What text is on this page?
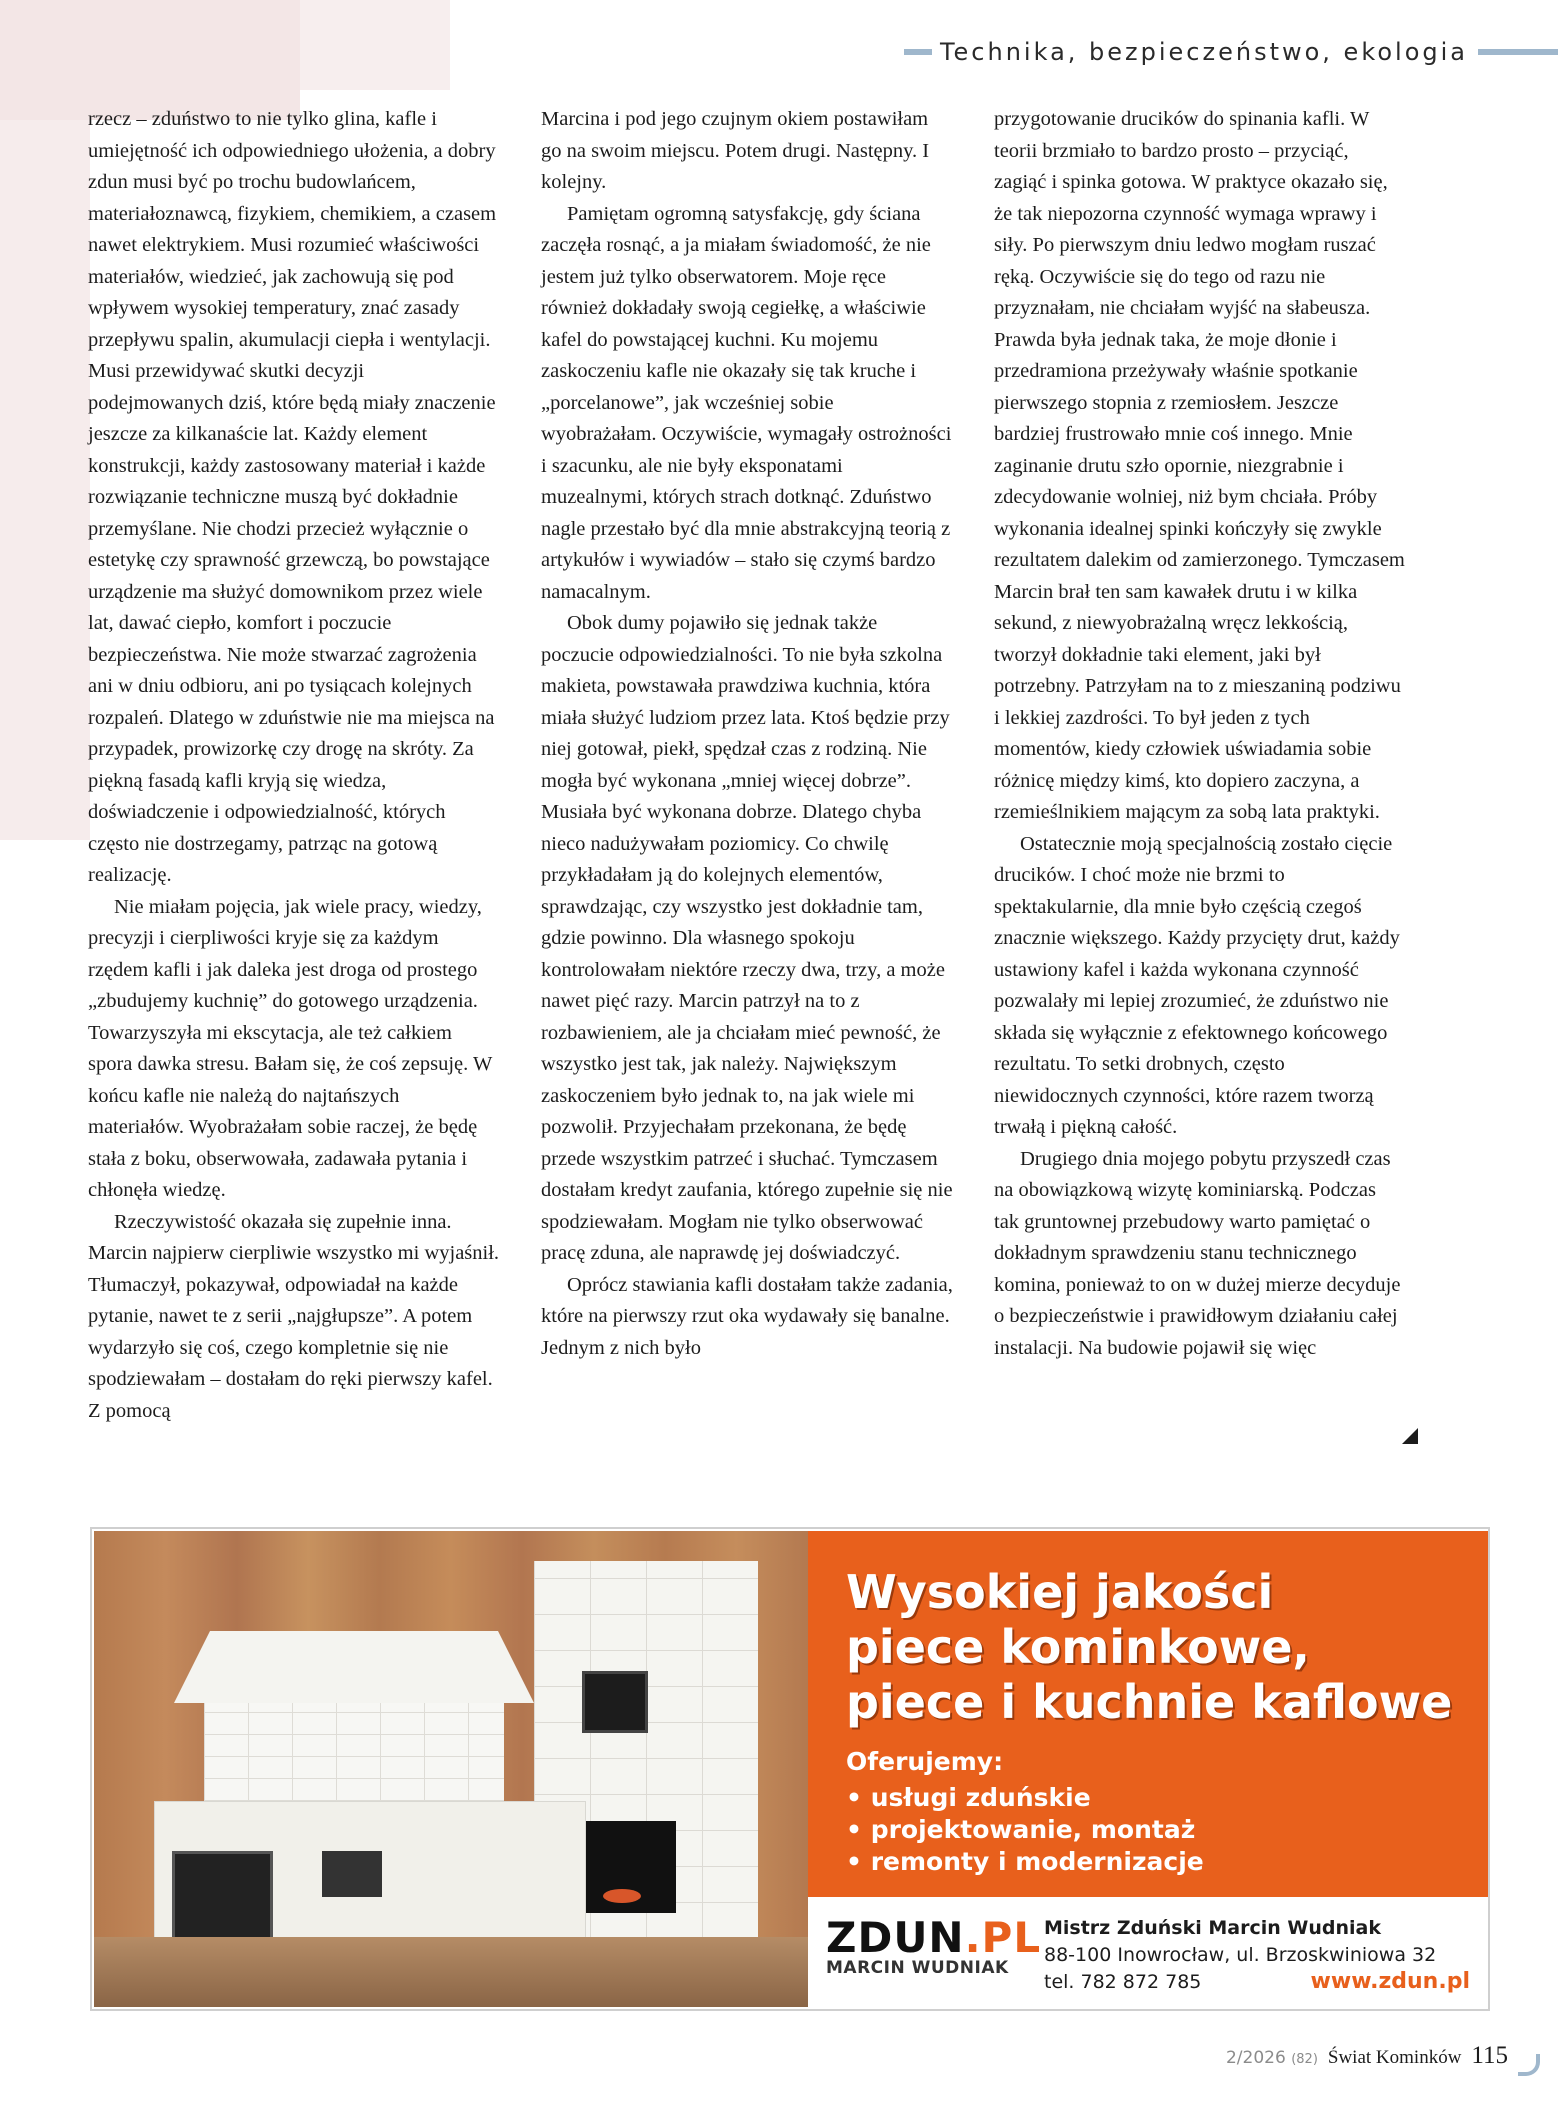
Technika, bezpieczeństwo, ekologia

rzecz – zduństwo to nie tylko glina, kafle i umiejętność ich odpowiedniego ułożenia, a dobry zdun musi być po trochu budowlańcem, materiałoznawcą, fizykiem, chemikiem, a czasem nawet elektrykiem. Musi rozumieć właściwości materiałów, wiedzieć, jak zachowują się pod wpływem wysokiej temperatury, znać zasady przepływu spalin, akumulacji ciepła i wentylacji. Musi przewidywać skutki decyzji podejmowanych dziś, które będą miały znaczenie jeszcze za kilkanaście lat. Każdy element konstrukcji, każdy zastosowany materiał i każde rozwiązanie techniczne muszą być dokładnie przemyślane. Nie chodzi przecież wyłącznie o estetykę czy sprawność grzewczą, bo powstające urządzenie ma służyć domownikom przez wiele lat, dawać ciepło, komfort i poczucie bezpieczeństwa. Nie może stwarzać zagrożenia ani w dniu odbioru, ani po tysiącach kolejnych rozpaleń. Dlatego w zduństwie nie ma miejsca na przypadek, prowizorkę czy drogę na skróty. Za piękną fasadą kafli kryją się wiedza, doświadczenie i odpowiedzialność, których często nie dostrzegamy, patrząc na gotową realizację.

Nie miałam pojęcia, jak wiele pracy, wiedzy, precyzji i cierpliwości kryje się za każdym rzędem kafli i jak daleka jest droga od prostego „zbudujemy kuchnię” do gotowego urządzenia. Towarzyszyła mi ekscytacja, ale też całkiem spora dawka stresu. Bałam się, że coś zepsuję. W końcu kafle nie należą do najtańszych materiałów. Wyobrażałam sobie raczej, że będę stała z boku, obserwowała, zadawała pytania i chłonęła wiedzę.

Rzeczywistość okazała się zupełnie inna. Marcin najpierw cierpliwie wszystko mi wyjaśnił. Tłumaczył, pokazywał, odpowiadał na każde pytanie, nawet te z serii „najgłupsze”. A potem wydarzyło się coś, czego kompletnie się nie spodziewałam – dostałam do ręki pierwszy kafel. Z pomocą

Marcina i pod jego czujnym okiem postawiłam go na swoim miejscu. Potem drugi. Następny. I kolejny.

Pamiętam ogromną satysfakcję, gdy ściana zaczęła rosnąć, a ja miałam świadomość, że nie jestem już tylko obserwatorem. Moje ręce również dokładały swoją cegiełkę, a właściwie kafel do powstającej kuchni. Ku mojemu zaskoczeniu kafle nie okazały się tak kruche i „porcelanowe”, jak wcześniej sobie wyobrażałam. Oczywiście, wymagały ostrożności i szacunku, ale nie były eksponatami muzealnymi, których strach dotknąć. Zduństwo nagle przestało być dla mnie abstrakcyjną teorią z artykułów i wywiadów – stało się czymś bardzo namacalnym.

Obok dumy pojawiło się jednak także poczucie odpowiedzialności. To nie była szkolna makieta, powstawała prawdziwa kuchnia, która miała służyć ludziom przez lata. Ktoś będzie przy niej gotował, piekł, spędzał czas z rodziną. Nie mogła być wykonana „mniej więcej dobrze”. Musiała być wykonana dobrze. Dlatego chyba nieco nadużywałam poziomicy. Co chwilę przykładałam ją do kolejnych elementów, sprawdzając, czy wszystko jest dokładnie tam, gdzie powinno. Dla własnego spokoju kontrolowałam niektóre rzeczy dwa, trzy, a może nawet pięć razy. Marcin patrzył na to z rozbawieniem, ale ja chciałam mieć pewność, że wszystko jest tak, jak należy. Największym zaskoczeniem było jednak to, na jak wiele mi pozwolił. Przyjechałam przekonana, że będę przede wszystkim patrzeć i słuchać. Tymczasem dostałam kredyt zaufania, którego zupełnie się nie spodziewałam. Mogłam nie tylko obserwować pracę zduna, ale naprawdę jej doświadczyć.

Oprócz stawiania kafli dostałam także zadania, które na pierwszy rzut oka wydawały się banalne. Jednym z nich było

przygotowanie drucików do spinania kafli. W teorii brzmiało to bardzo prosto – przyciąć, zagiąć i spinka gotowa. W praktyce okazało się, że tak niepozorna czynność wymaga wprawy i siły. Po pierwszym dniu ledwo mogłam ruszać ręką. Oczywiście się do tego od razu nie przyznałam, nie chciałam wyjść na słabeusza. Prawda była jednak taka, że moje dłonie i przedramiona przeżywały właśnie spotkanie pierwszego stopnia z rzemiosłem. Jeszcze bardziej frustrowało mnie coś innego. Mnie zaginanie drutu szło opornie, niezgrabnie i zdecydowanie wolniej, niż bym chciała. Próby wykonania idealnej spinki kończyły się zwykle rezultatem dalekim od zamierzonego. Tymczasem Marcin brał ten sam kawałek drutu i w kilka sekund, z niewyobrażalną wręcz lekkością, tworzył dokładnie taki element, jaki był potrzebny. Patrzyłam na to z mieszaniną podziwu i lekkiej zazdrości. To był jeden z tych momentów, kiedy człowiek uświadamia sobie różnicę między kimś, kto dopiero zaczyna, a rzemieślnikiem mającym za sobą lata praktyki.

Ostatecznie moją specjalnością zostało cięcie drucików. I choć może nie brzmi to spektakularnie, dla mnie było częścią czegoś znacznie większego. Każdy przycięty drut, każdy ustawiony kafel i każda wykonana czynność pozwalały mi lepiej zrozumieć, że zduństwo nie składa się wyłącznie z efektownego końcowego rezultatu. To setki drobnych, często niewidocznych czynności, które razem tworzą trwałą i piękną całość.

Drugiego dnia mojego pobytu przyszedł czas na obowiązkową wizytę kominiarską. Podczas tak gruntownej przebudowy warto pamiętać o dokładnym sprawdzeniu stanu technicznego komina, ponieważ to on w dużej mierze decyduje o bezpieczeństwie i prawidłowym działaniu całej instalacji. Na budowie pojawił się więc

Wysokiej jakości
piece kominkowe,
piece i kuchnie kaflowe
Oferujemy:
• usługi zduńskie
• projektowanie, montaż
• remonty i modernizacje
ZDUN.PL
MARCIN WUDNIAK
Mistrz Zduński Marcin Wudniak
88-100 Inowrocław, ul. Brzoskwiniowa 32
tel. 782 872 785	www.zdun.pl
2/2026 (82) Świat Kominków 115
